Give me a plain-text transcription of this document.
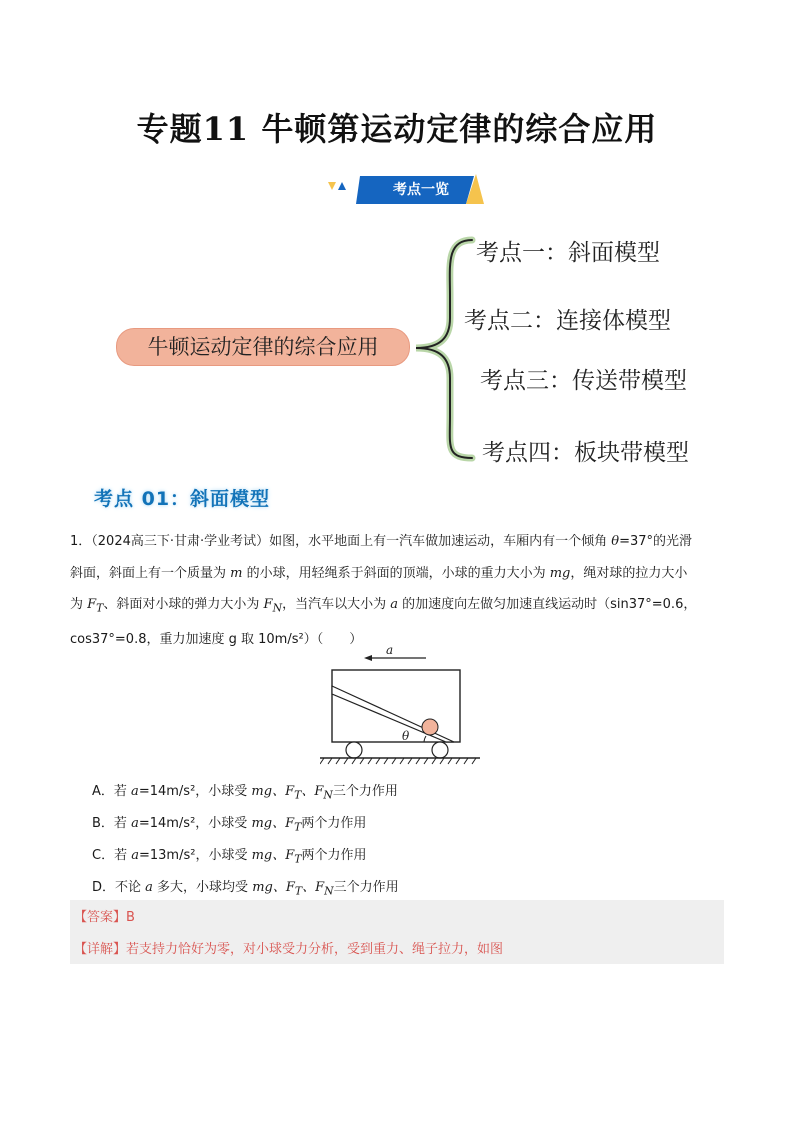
专题11 牛顿第运动定律的综合应用
考点一览
牛顿运动定律的综合应用
考点一：斜面模型
考点二：连接体模型
考点三：传送带模型
考点四：板块带模型
考点 01：斜面模型
1．（2024高三下·甘肃·学业考试）如图，水平地面上有一汽车做加速运动，车厢内有一个倾角 θ=37°的光滑
斜面，斜面上有一个质量为 m 的小球，用轻绳系于斜面的顶端，小球的重力大小为 mg，绳对球的拉力大小
为 $F_T$、斜面对小球的弹力大小为 $F_N$，当汽车以大小为 a 的加速度向左做匀加速直线运动时（sin37°=0.6，
cos37°=0.8，重力加速度 g 取 10m/s²）（　　）
a
θ
A．若 a=14m/s²，小球受 mg、$F_T$、$F_N$三个力作用
B．若 a=14m/s²，小球受 mg、$F_T$两个力作用
C．若 a=13m/s²，小球受 mg、$F_T$两个力作用
D．不论 a 多大，小球均受 mg、$F_T$、$F_N$三个力作用
【答案】B
【详解】若支持力恰好为零，对小球受力分析，受到重力、绳子拉力，如图
